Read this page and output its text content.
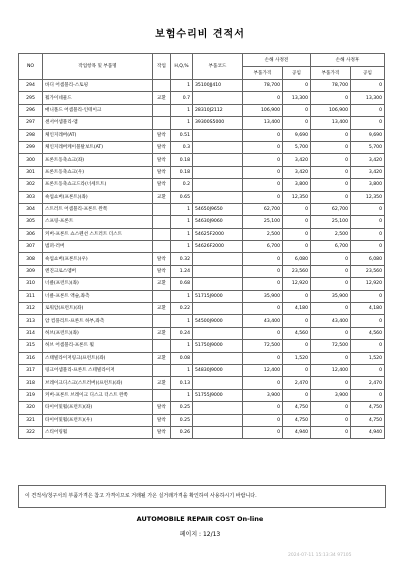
보험수리비 견적서
NO	작업항목 및 부품명	작업	H,Q,%	부품코드	손해 사정전		손해 사정후	
					부품가격	공임	부품가격	공임
294	바디 어셈블리-스토핑		1	35100JJ410	78,700	0	78,700	0
295	휠가이네물드	교환	0.7		0	13,300	0	13,300
296	매니폴드 어셈블리-인테이크		1	28310J2112	106,900	0	106,900	0
297	센서어셈블리-맵		1	39300S5000	13,400	0	13,400	0
298	체인지레버(AT)	탈착	0.51		0	9,690	0	9,690
299	체인지레버케이블탈보트(AT)	탈착	0.3		0	5,700	0	5,700
300	프론트동축쇼크(좌)	탈착	0.18		0	3,420	0	3,420
301	프론트동축쇼크(우)	탈착	0.18		0	3,420	0	3,420
302	프론트동축쇼크드라(너세트트)	탈착	0.2		0	3,800	0	3,800
303	쇽업쇼버(프론트)(좌)	교환	0.65		0	12,350	0	12,350
304	스트러트 어셈블리-프론트 완쪽		1	54650J9650	62,700	0	62,700	0
305	스프링-프론트		1	54630J9060	25,100	0	25,100	0
306	커버-프론트 쇼스펜션 스트러트 더스트		1	54625F2000	2,500	0	2,500	0
307	범퍼-러버		1	54626F2000	6,700	0	6,700	0
308	쇽업쇼버(프론트)(우)	탈착	0.32		0	6,080	0	6,080
309	엔진크로스멤버	탈착	1.24		0	23,560	0	23,560
310	너클(프런트)(좌)	교환	0.68		0	12,920	0	12,920
311	너클-프론트 액슬,좌측		1	51715J9000	35,900	0	35,900	0
312	로워암(프런트)(좌)	교환	0.22		0	4,180	0	4,180
313	암 컴플리트-프론트 하부,좌측		1	54500J9000	43,400	0	43,400	0
314	허브(프런트)(좌)	교환	0.24		0	4,560	0	4,560
315	허브 어셈블리-프론트 휠		1	51750J9000	72,500	0	72,500	0
316	스태빌라이저링크(프런트)(좌)	교환	0.08		0	1,520	0	1,520
317	링크어셈블리-프론트 스테빌라이저		1	54830J9000	12,400	0	12,400	0
318	브레이크디스크(스트러버)(프런트)(좌)	교환	0.13		0	2,470	0	2,470
319	커버-프론트 브레이크 디스크 더스트 완쪽		1	51755J9000	3,900	0	3,900	0
320	타이어및휠(프런트)(좌)	탈착	0.25		0	4,750	0	4,750
321	타이어및휠(프런트)(우)	탈착	0.25		0	4,750	0	4,750
322	스티어링휠	탈착	0.26		0	4,940	0	4,940
이 견적서/청구서의 부품가격은 참고 가격이므로 거래될 가온 실거래가격을 확인하여 사용하시기 바랍니다.
AUTOMOBILE REPAIR COST On-line
페이지 : 12/13
2024-07-11 15:13:34 97105
